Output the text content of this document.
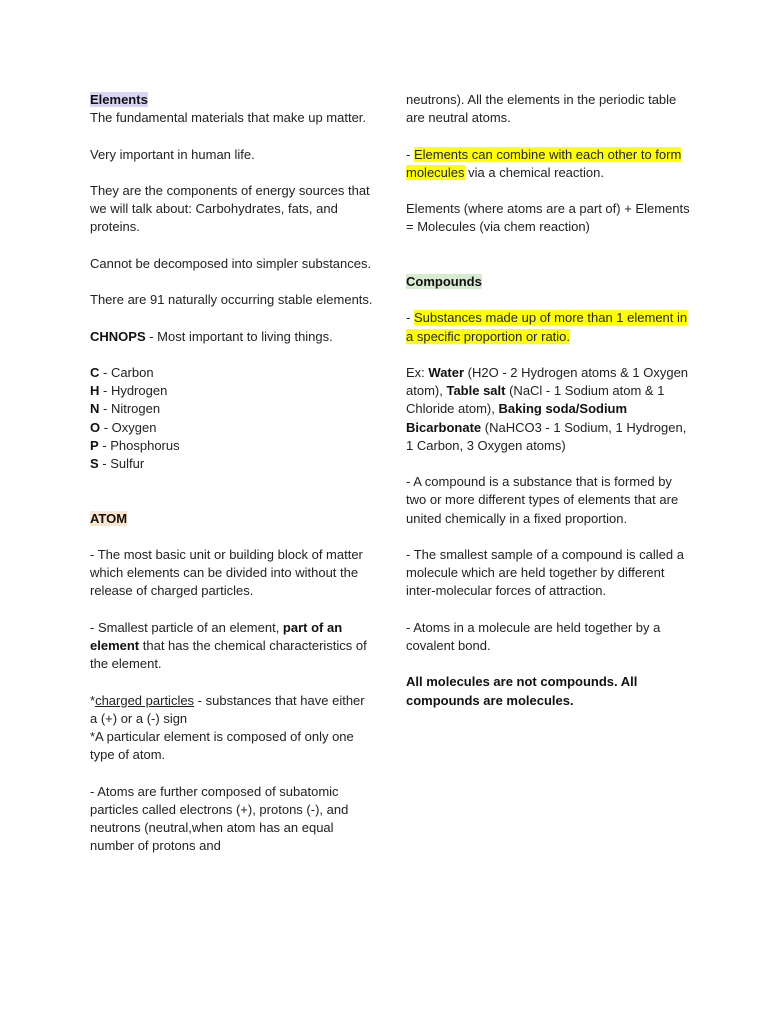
Elements

The fundamental materials that make up matter.

Very important in human life.

They are the components of energy sources that we will talk about: Carbohydrates, fats, and proteins.

Cannot be decomposed into simpler substances.

There are 91 naturally occurring stable elements.

CHNOPS - Most important to living things.

C - Carbon

H - Hydrogen

N - Nitrogen

O - Oxygen

P - Phosphorus

S - Sulfur

ATOM

- The most basic unit or building block of matter which elements can be divided into without the release of charged particles.

- Smallest particle of an element, part of an element that has the chemical characteristics of the element.

*charged particles - substances that have either a (+) or a (-) sign

*A particular element is composed of only one type of atom.

- Atoms are further composed of subatomic particles called electrons (+), protons (-), and neutrons (neutral,when atom has an equal number of protons and

neutrons). All the elements in the periodic table are neutral atoms.

- Elements can combine with each other to form molecules via a chemical reaction.

Elements (where atoms are a part of) + Elements = Molecules (via chem reaction)

Compounds

- Substances made up of more than 1 element in a specific proportion or ratio.

Ex: Water (H2O - 2 Hydrogen atoms & 1 Oxygen atom), Table salt (NaCl - 1 Sodium atom & 1 Chloride atom), Baking soda/Sodium Bicarbonate (NaHCO3 - 1 Sodium, 1 Hydrogen, 1 Carbon, 3 Oxygen atoms)

- A compound is a substance that is formed by two or more different types of elements that are united chemically in a fixed proportion.

- The smallest sample of a compound is called a molecule which are held together by different inter-molecular forces of attraction.

- Atoms in a molecule are held together by a covalent bond.

All molecules are not compounds. All compounds are molecules.
